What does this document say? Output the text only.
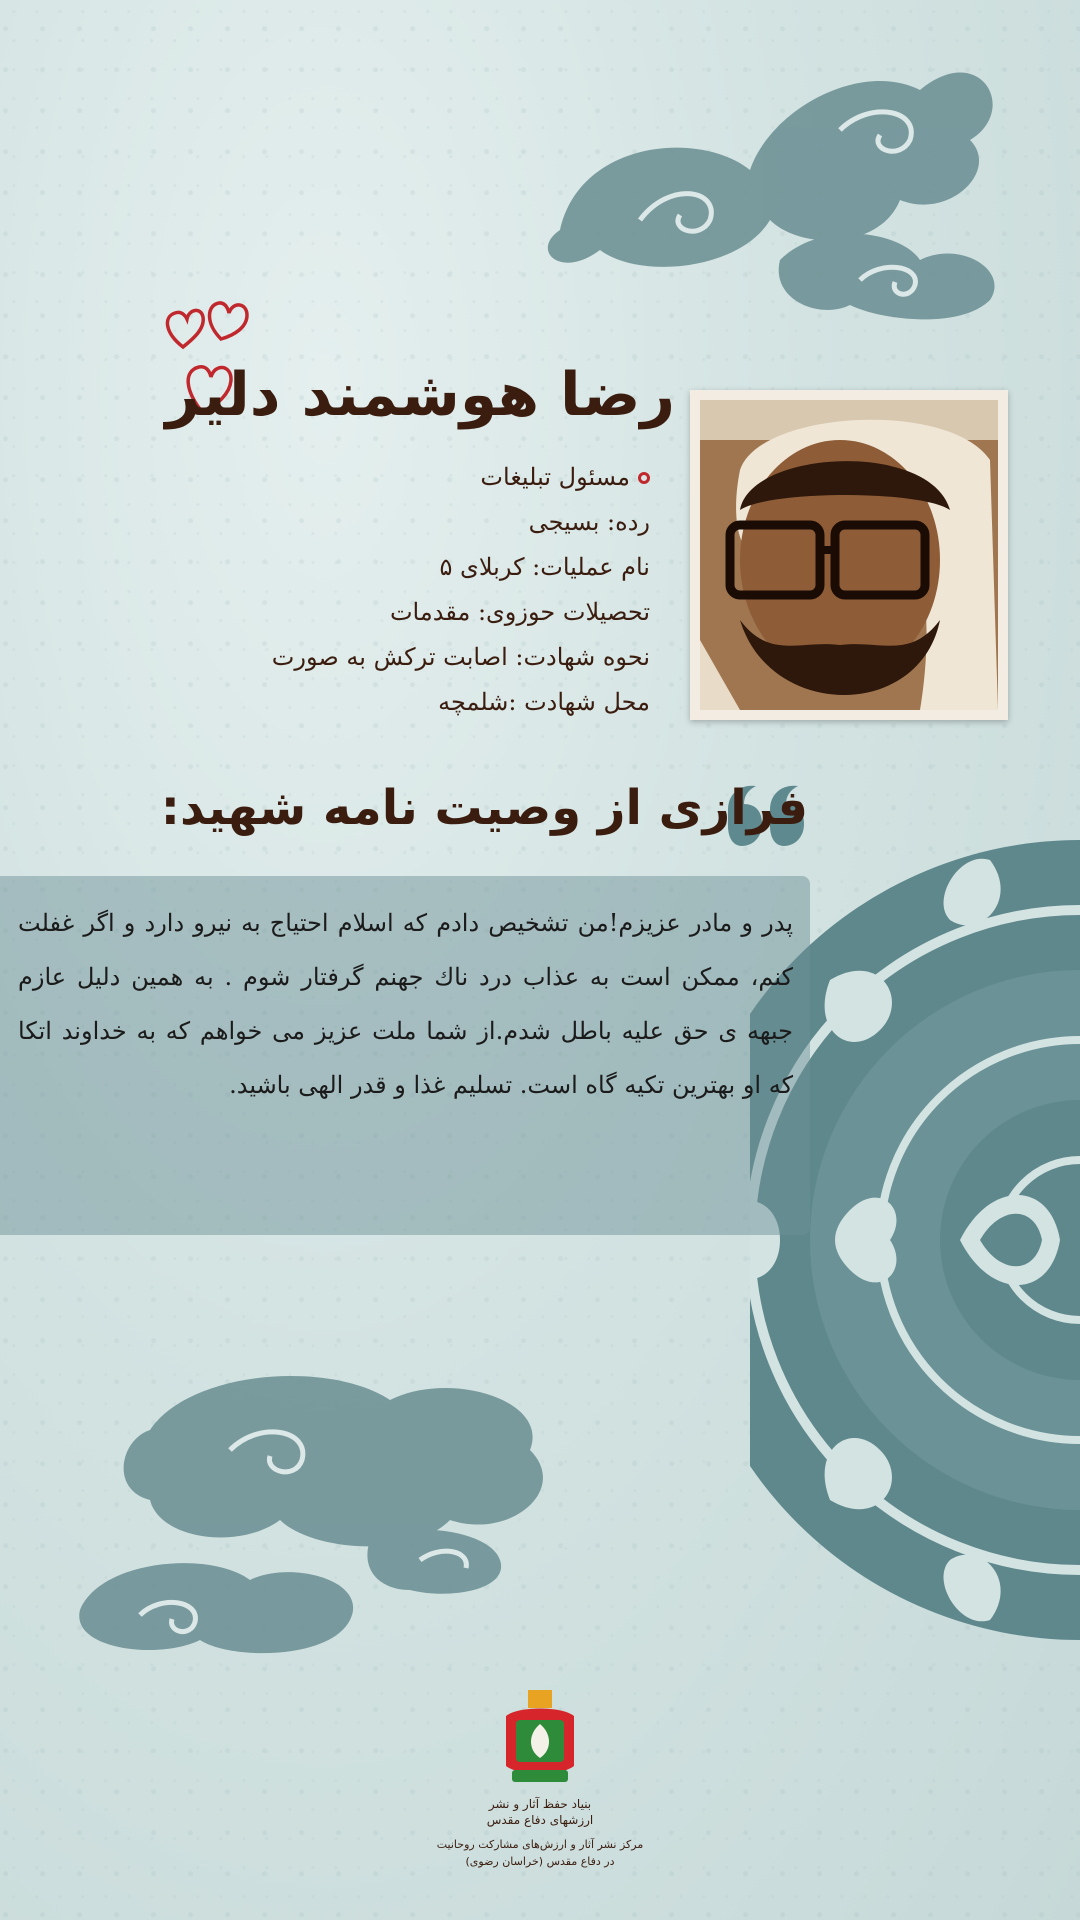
رضا هوشمند دلیر
مسئول تبلیغات
رده: بسیجی
نام عملیات: کربلای ۵
تحصیلات حوزوی: مقدمات
نحوه شهادت: اصابت ترکش به صورت
محل شهادت :شلمچه
فرازی از وصیت نامه شهید:

پدر و مادر عزیزم!من تشخیص دادم که اسلام احتیاج به نیرو دارد و اگر غفلت کنم، ممکن است به عذاب درد ناك جهنم گرفتار شوم . به همین دلیل عازم جبهه ی حق علیه باطل شدم.از شما ملت عزیز می خواهم که به خداوند اتکا که او بهترین تکیه گاه است. تسلیم غذا و قدر الهی باشید.

بنیاد حفظ آثار و نشر
ارزشهای دفاع مقدس

مرکز نشر آثار و ارزش‌های مشارکت روحانیت
در دفاع مقدس (خراسان رضوی)
